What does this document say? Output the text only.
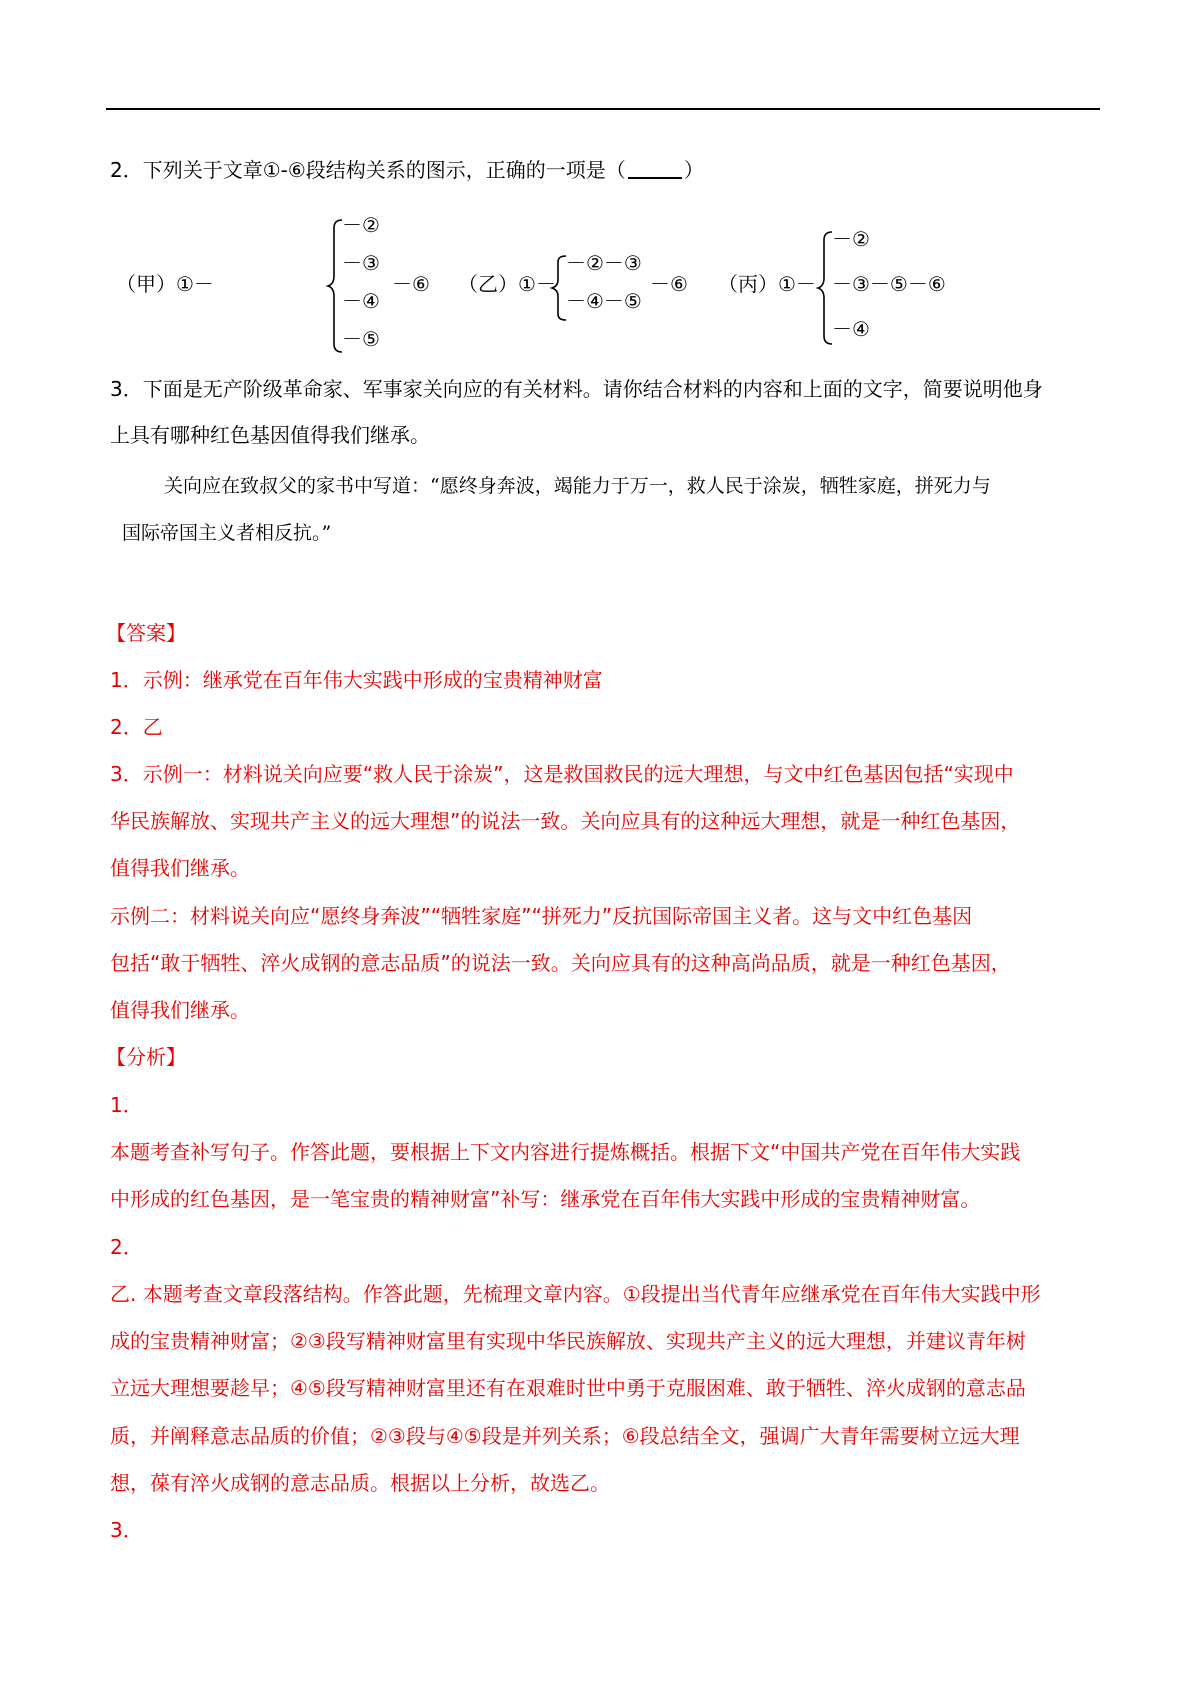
2．下列关于文章①-⑥段结构关系的图示，正确的一项是（	）
（甲）①－
－②
－③
－④
－⑤
－⑥ （乙）①－
－②－③
－④－⑤
－⑥ （丙）①－
－②
－③－⑤－⑥
－④
3．下面是无产阶级革命家、军事家关向应的有关材料。请你结合材料的内容和上面的文字，简要说明他身
上具有哪种红色基因值得我们继承。
关向应在致叔父的家书中写道：“愿终身奔波，竭能力于万一，救人民于涂炭，牺牲家庭，拼死力与
国际帝国主义者相反抗。”
【答案】
1．示例：继承党在百年伟大实践中形成的宝贵精神财富
2．乙
3．示例一：材料说关向应要“救人民于涂炭”，这是救国救民的远大理想，与文中红色基因包括“实现中
华民族解放、实现共产主义的远大理想”的说法一致。关向应具有的这种远大理想，就是一种红色基因，
值得我们继承。
示例二：材料说关向应“愿终身奔波”“牺牲家庭”“拼死力”反抗国际帝国主义者。这与文中红色基因
包括“敢于牺牲、淬火成钢的意志品质”的说法一致。关向应具有的这种高尚品质，就是一种红色基因，
值得我们继承。
【分析】
1．
本题考查补写句子。作答此题，要根据上下文内容进行提炼概括。根据下文“中国共产党在百年伟大实践
中形成的红色基因，是一笔宝贵的精神财富”补写：继承党在百年伟大实践中形成的宝贵精神财富。
2．
乙. 本题考查文章段落结构。作答此题，先梳理文章内容。①段提出当代青年应继承党在百年伟大实践中形
成的宝贵精神财富；②③段写精神财富里有实现中华民族解放、实现共产主义的远大理想，并建议青年树
立远大理想要趁早；④⑤段写精神财富里还有在艰难时世中勇于克服困难、敢于牺牲、淬火成钢的意志品
质，并阐释意志品质的价值；②③段与④⑤段是并列关系；⑥段总结全文，强调广大青年需要树立远大理
想，葆有淬火成钢的意志品质。根据以上分析，故选乙。
3．
